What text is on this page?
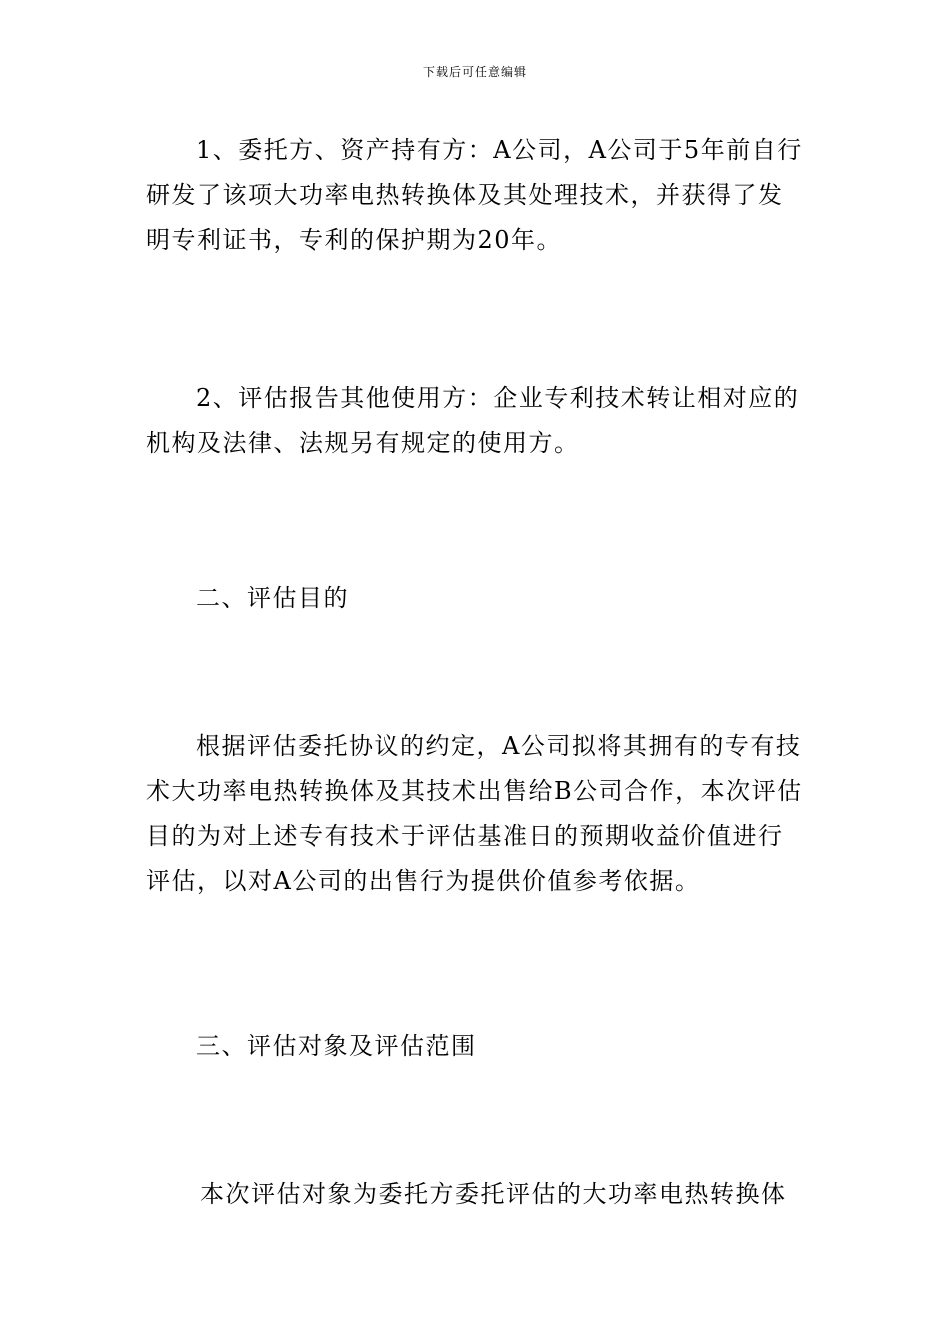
下载后可任意编辑
1、委托方、资产持有方：A公司，A公司于5年前自行
研发了该项大功率电热转换体及其处理技术，并获得了发
明专利证书，专利的保护期为20年。
2、评估报告其他使用方：企业专利技术转让相对应的
机构及法律、法规另有规定的使用方。
二、评估目的
根据评估委托协议的约定，A公司拟将其拥有的专有技
术大功率电热转换体及其技术出售给B公司合作，本次评估
目的为对上述专有技术于评估基准日的预期收益价值进行
评估，以对A公司的出售行为提供价值参考依据。
三、评估对象及评估范围
本次评估对象为委托方委托评估的大功率电热转换体
